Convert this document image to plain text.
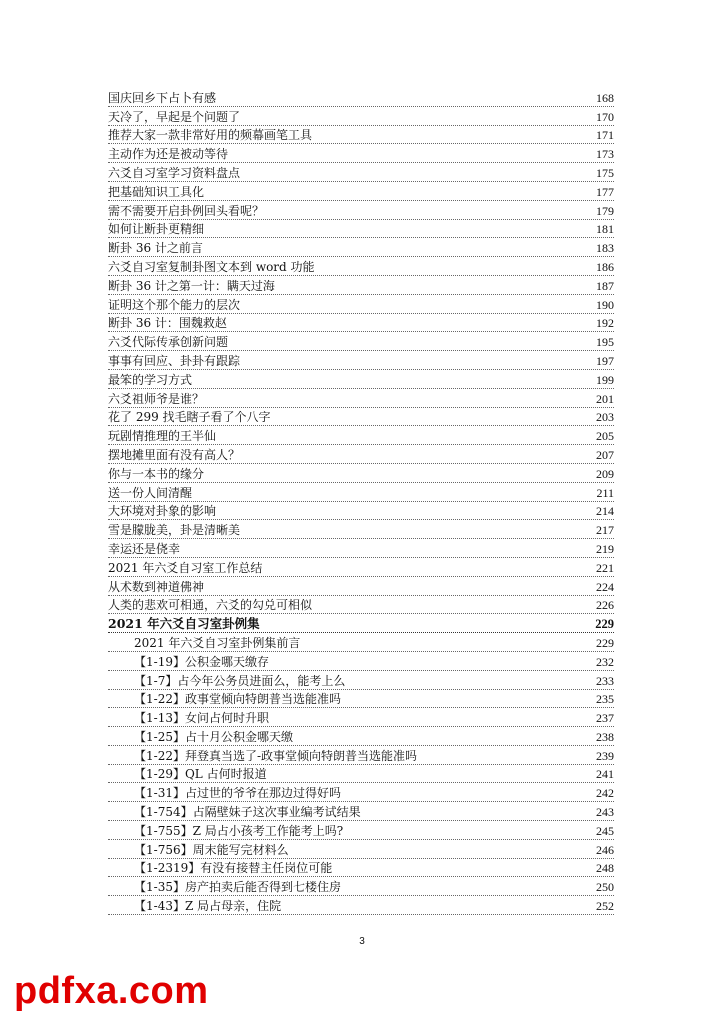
国庆回乡下占卜有感	168
天冷了，早起是个问题了	170
推荐大家一款非常好用的频幕画笔工具	171
主动作为还是被动等待	173
六爻自习室学习资料盘点	175
把基础知识工具化	177
需不需要开启卦例回头看呢？	179
如何让断卦更精细	181
断卦 36 计之前言	183
六爻自习室复制卦图文本到 word 功能	186
断卦 36 计之第一计：瞒天过海	187
证明这个那个能力的层次	190
断卦 36 计：围魏救赵	192
六爻代际传承创新问题	195
事事有回应、卦卦有跟踪	197
最笨的学习方式	199
六爻祖师爷是谁？	201
花了 299 找毛瞎子看了个八字	203
玩剧情推理的王半仙	205
摆地摊里面有没有高人？	207
你与一本书的缘分	209
送一份人间清醒	211
大环境对卦象的影响	214
雪是朦胧美，卦是清晰美	217
幸运还是侥幸	219
2021 年六爻自习室工作总结	221
从术数到神道佛神	224
人类的悲欢可相通，六爻的勾兑可相似	226
2021 年六爻自习室卦例集	229
2021 年六爻自习室卦例集前言	229
【1-19】公积金哪天缴存	232
【1-7】占今年公务员进面么，能考上么	233
【1-22】政事堂倾向特朗普当选能准吗	235
【1-13】女问占何时升职	237
【1-25】占十月公积金哪天缴	238
【1-22】拜登真当选了-政事堂倾向特朗普当选能准吗	239
【1-29】QL 占何时报道	241
【1-31】占过世的爷爷在那边过得好吗	242
【1-754】占隔壁妹子这次事业编考试结果	243
【1-755】Z 局占小孩考工作能考上吗?	245
【1-756】周末能写完材料么	246
【1-2319】有没有接替主任岗位可能	248
【1-35】房产拍卖后能否得到七楼住房	250
【1-43】Z 局占母亲，住院	252
3
pdfxa.com
